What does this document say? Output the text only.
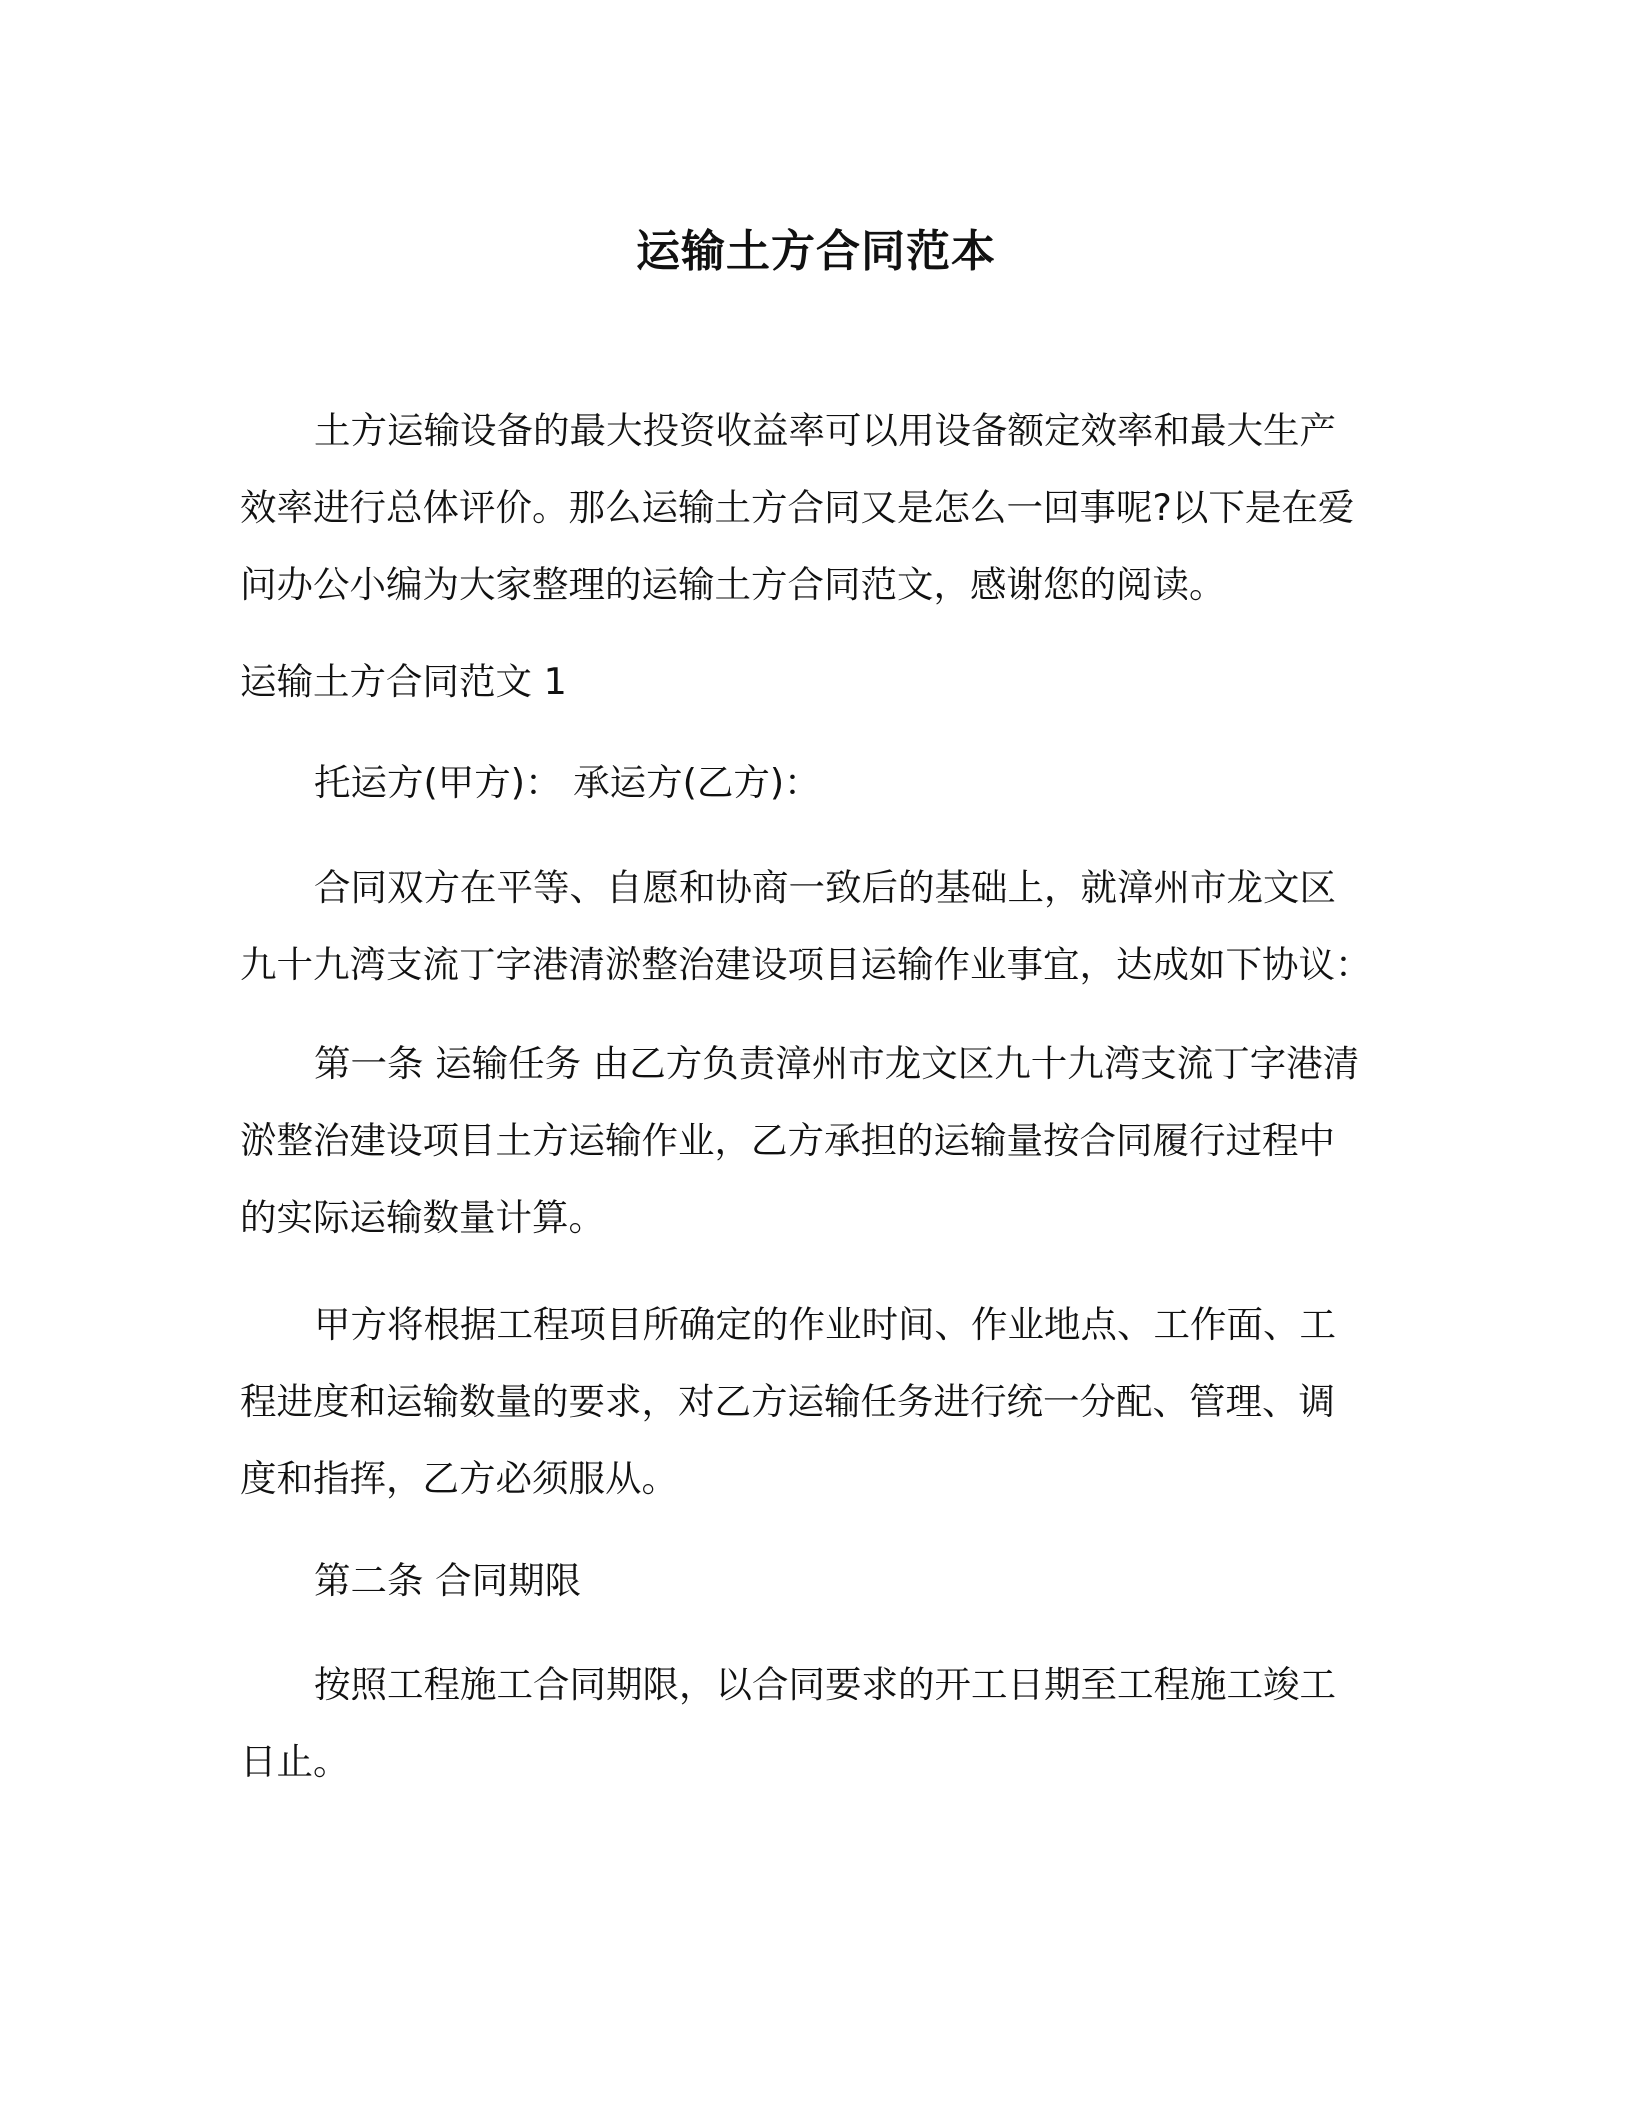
运输土方合同范本
土方运输设备的最大投资收益率可以用设备额定效率和最大生产
效率进行总体评价。那么运输土方合同又是怎么一回事呢?以下是在爱
问办公小编为大家整理的运输土方合同范文，感谢您的阅读。
运输土方合同范文 1
托运方(甲方)： 承运方(乙方)：
合同双方在平等、自愿和协商一致后的基础上，就漳州市龙文区
九十九湾支流丁字港清淤整治建设项目运输作业事宜，达成如下协议：
第一条 运输任务 由乙方负责漳州市龙文区九十九湾支流丁字港清
淤整治建设项目土方运输作业，乙方承担的运输量按合同履行过程中
的实际运输数量计算。
甲方将根据工程项目所确定的作业时间、作业地点、工作面、工
程进度和运输数量的要求，对乙方运输任务进行统一分配、管理、调
度和指挥，乙方必须服从。
第二条 合同期限
按照工程施工合同期限，以合同要求的开工日期至工程施工竣工
日止。
